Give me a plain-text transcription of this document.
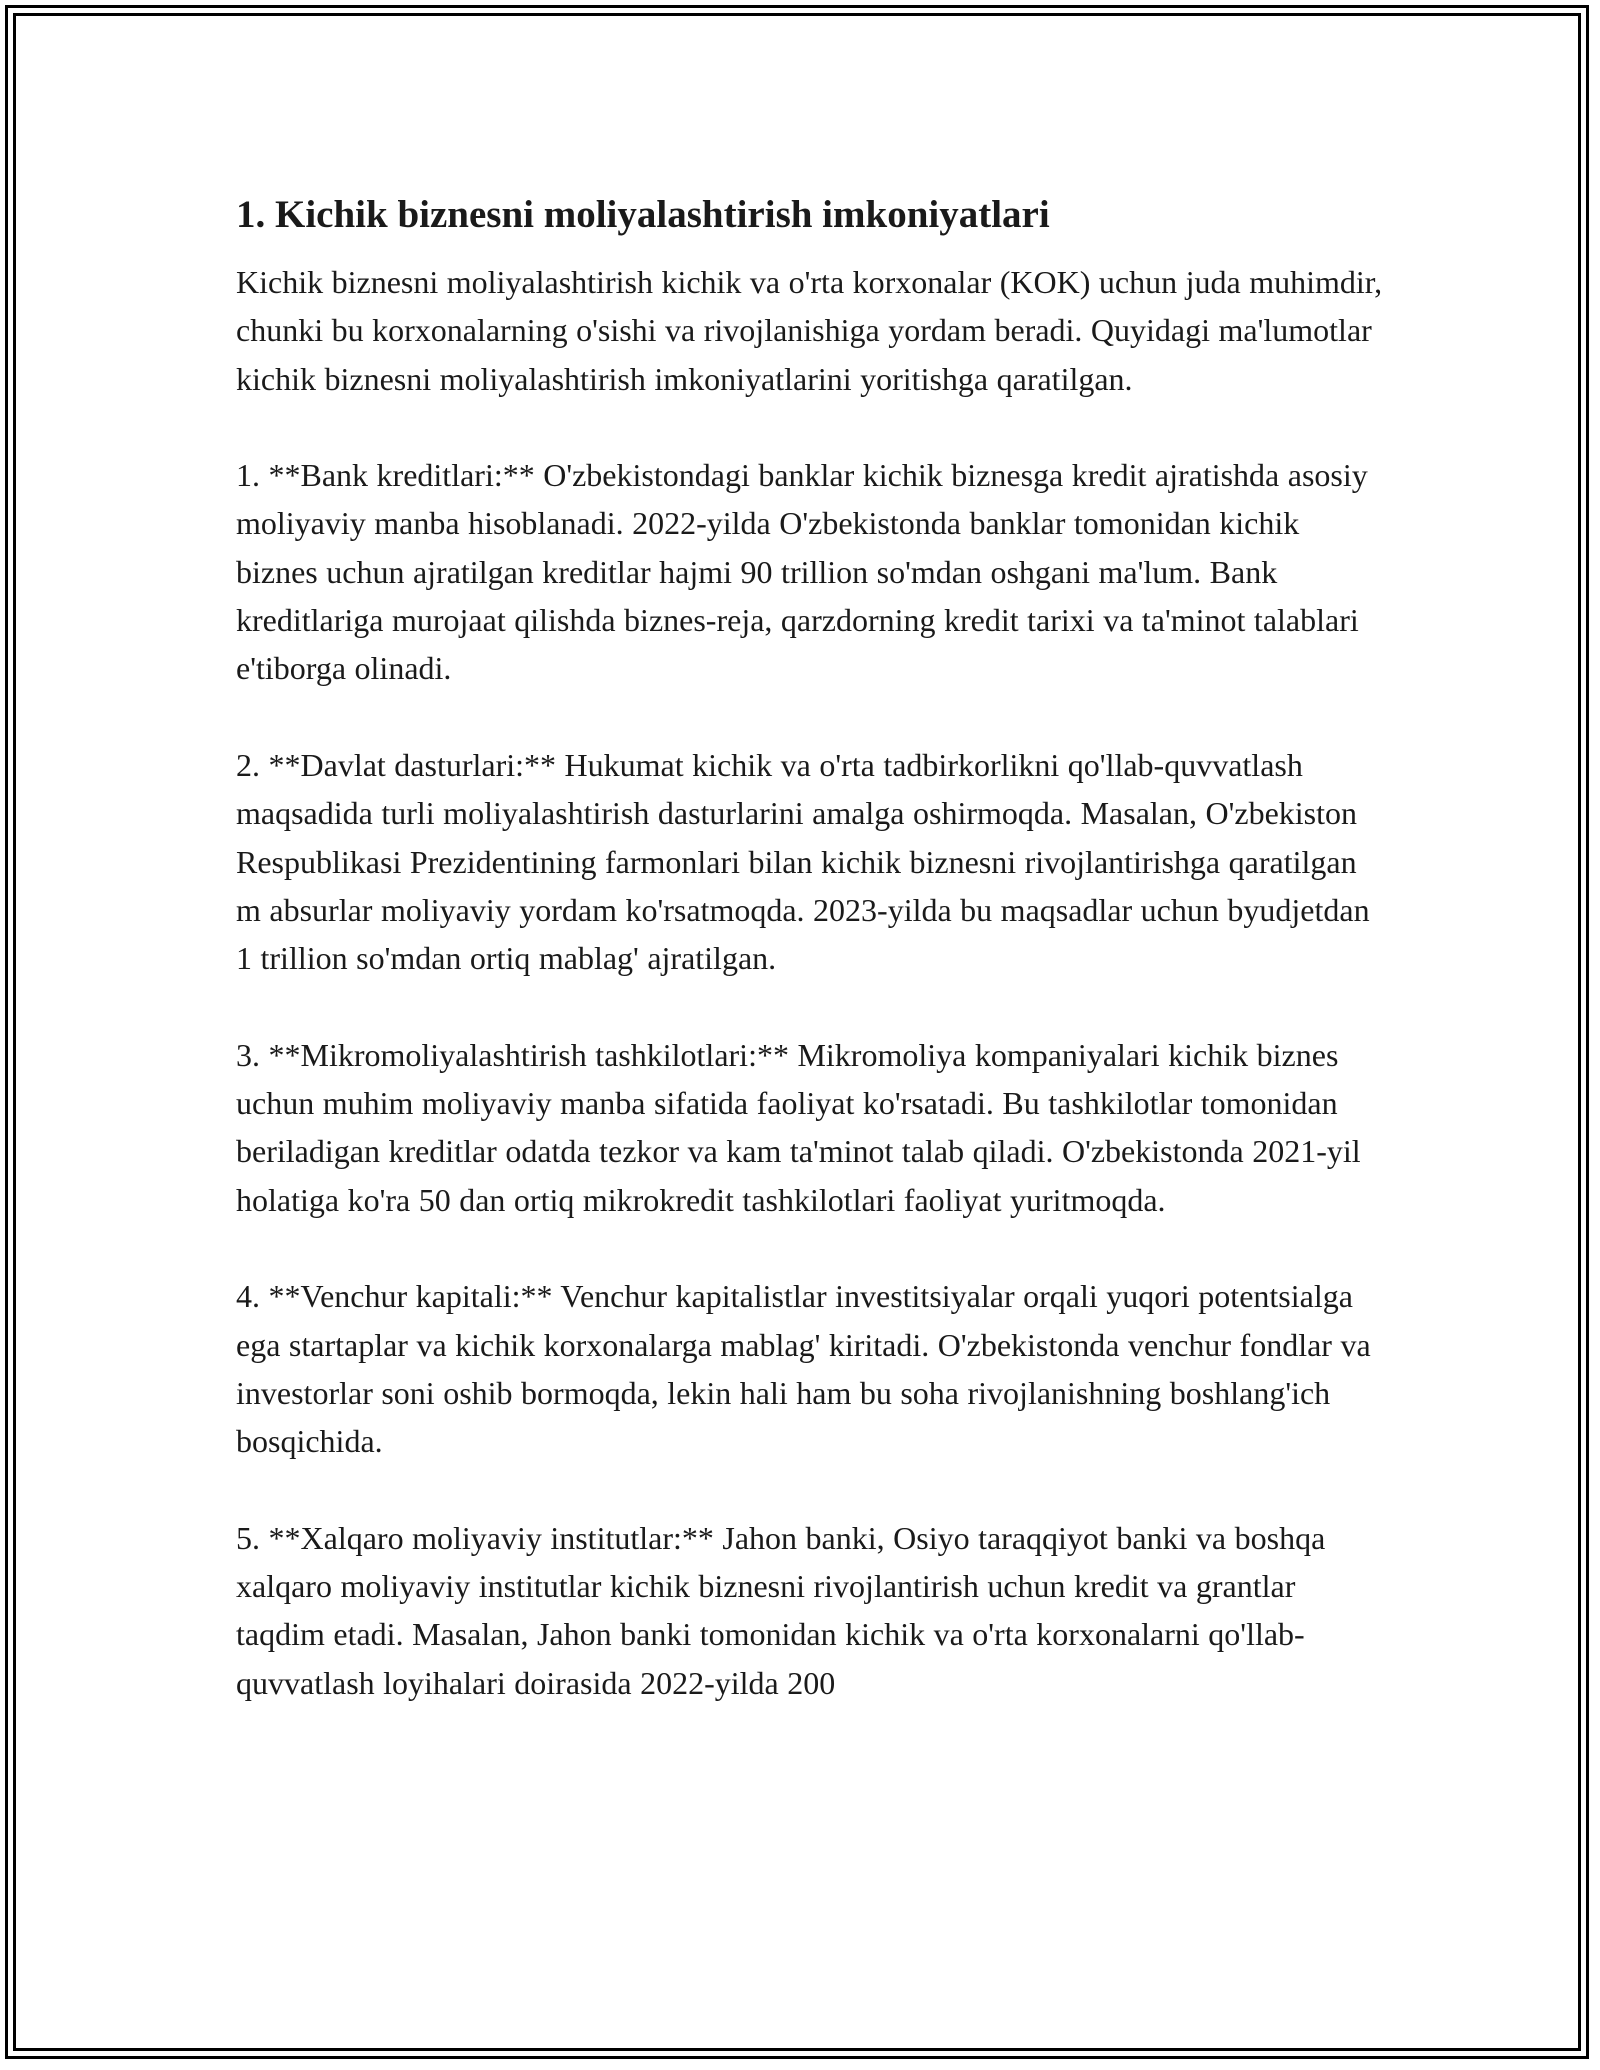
1. Kichik biznesni moliyalashtirish imkoniyatlari

Kichik biznesni moliyalashtirish kichik va o'rta korxonalar (KOK) uchun juda muhimdir, chunki bu korxonalarning o'sishi va rivojlanishiga yordam beradi. Quyidagi ma'lumotlar kichik biznesni moliyalashtirish imkoniyatlarini yoritishga qaratilgan.

1. **Bank kreditlari:** O'zbekistondagi banklar kichik biznesga kredit ajratishda asosiy moliyaviy manba hisoblanadi. 2022-yilda O'zbekistonda banklar tomonidan kichik biznes uchun ajratilgan kreditlar hajmi 90 trillion so'mdan oshgani ma'lum. Bank kreditlariga murojaat qilishda biznes-reja, qarzdorning kredit tarixi va ta'minot talablari e'tiborga olinadi.

2. **Davlat dasturlari:** Hukumat kichik va o'rta tadbirkorlikni qo'llab-quvvatlash maqsadida turli moliyalashtirish dasturlarini amalga oshirmoqda. Masalan, O'zbekiston Respublikasi Prezidentining farmonlari bilan kichik biznesni rivojlantirishga qaratilgan m absurlar moliyaviy yordam ko'rsatmoqda. 2023-yilda bu maqsadlar uchun byudjetdan 1 trillion so'mdan ortiq mablag' ajratilgan.

3. **Mikromoliyalashtirish tashkilotlari:** Mikromoliya kompaniyalari kichik biznes uchun muhim moliyaviy manba sifatida faoliyat ko'rsatadi. Bu tashkilotlar tomonidan beriladigan kreditlar odatda tezkor va kam ta'minot talab qiladi. O'zbekistonda 2021-yil holatiga ko'ra 50 dan ortiq mikrokredit tashkilotlari faoliyat yuritmoqda.

4. **Venchur kapitali:** Venchur kapitalistlar investitsiyalar orqali yuqori potentsialga ega startaplar va kichik korxonalarga mablag' kiritadi. O'zbekistonda venchur fondlar va investorlar soni oshib bormoqda, lekin hali ham bu soha rivojlanishning boshlang'ich bosqichida.

5. **Xalqaro moliyaviy institutlar:** Jahon banki, Osiyo taraqqiyot banki va boshqa xalqaro moliyaviy institutlar kichik biznesni rivojlantirish uchun kredit va grantlar taqdim etadi. Masalan, Jahon banki tomonidan kichik va o'rta korxonalarni qo'llab-quvvatlash loyihalari doirasida 2022-yilda 200
